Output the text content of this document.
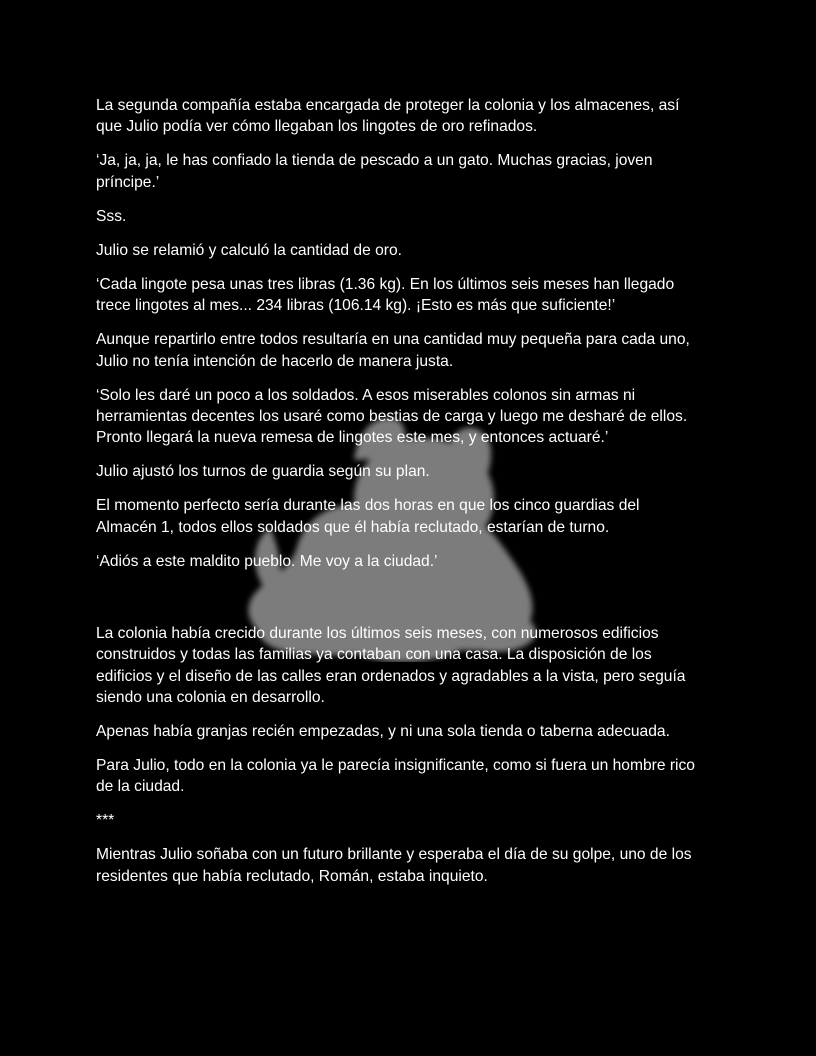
La segunda compañía estaba encargada de proteger la colonia y los almacenes, así
que Julio podía ver cómo llegaban los lingotes de oro refinados.

‘Ja, ja, ja, le has confiado la tienda de pescado a un gato. Muchas gracias, joven
príncipe.’

Sss.

Julio se relamió y calculó la cantidad de oro.

‘Cada lingote pesa unas tres libras (1.36 kg). En los últimos seis meses han llegado
trece lingotes al mes... 234 libras (106.14 kg). ¡Esto es más que suficiente!’

Aunque repartirlo entre todos resultaría en una cantidad muy pequeña para cada uno,
Julio no tenía intención de hacerlo de manera justa.

‘Solo les daré un poco a los soldados. A esos miserables colonos sin armas ni
herramientas decentes los usaré como bestias de carga y luego me desharé de ellos.
Pronto llegará la nueva remesa de lingotes este mes, y entonces actuaré.’

Julio ajustó los turnos de guardia según su plan.

El momento perfecto sería durante las dos horas en que los cinco guardias del
Almacén 1, todos ellos soldados que él había reclutado, estarían de turno.

‘Adiós a este maldito pueblo. Me voy a la ciudad.’

La colonia había crecido durante los últimos seis meses, con numerosos edificios
construidos y todas las familias ya contaban con una casa. La disposición de los
edificios y el diseño de las calles eran ordenados y agradables a la vista, pero seguía
siendo una colonia en desarrollo.

Apenas había granjas recién empezadas, y ni una sola tienda o taberna adecuada.

Para Julio, todo en la colonia ya le parecía insignificante, como si fuera un hombre rico
de la ciudad.

***

Mientras Julio soñaba con un futuro brillante y esperaba el día de su golpe, uno de los
residentes que había reclutado, Román, estaba inquieto.
